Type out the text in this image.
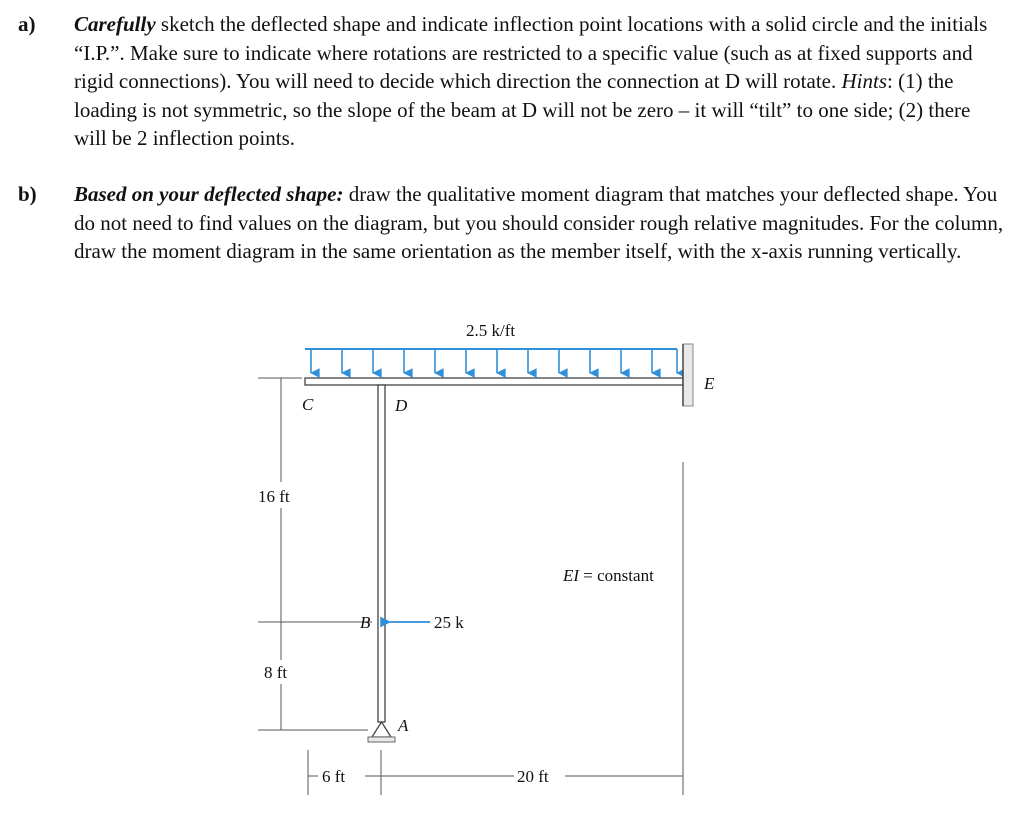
a) Carefully sketch the deflected shape and indicate inflection point locations with a solid circle and the initials “I.P.”. Make sure to indicate where rotations are restricted to a specific value (such as at fixed supports and rigid connections). You will need to decide which direction the connection at D will rotate. Hints: (1) the loading is not symmetric, so the slope of the beam at D will not be zero – it will “tilt” to one side; (2) there will be 2 inflection points.
b) Based on your deflected shape: draw the qualitative moment diagram that matches your deflected shape. You do not need to find values on the diagram, but you should consider rough relative magnitudes. For the column, draw the moment diagram in the same orientation as the member itself, with the x-axis running vertically.
2.5 k/ft
16 ft
8 ft
6 ft	20 ft
25 k
C	D
E
B
A
EI = constant
